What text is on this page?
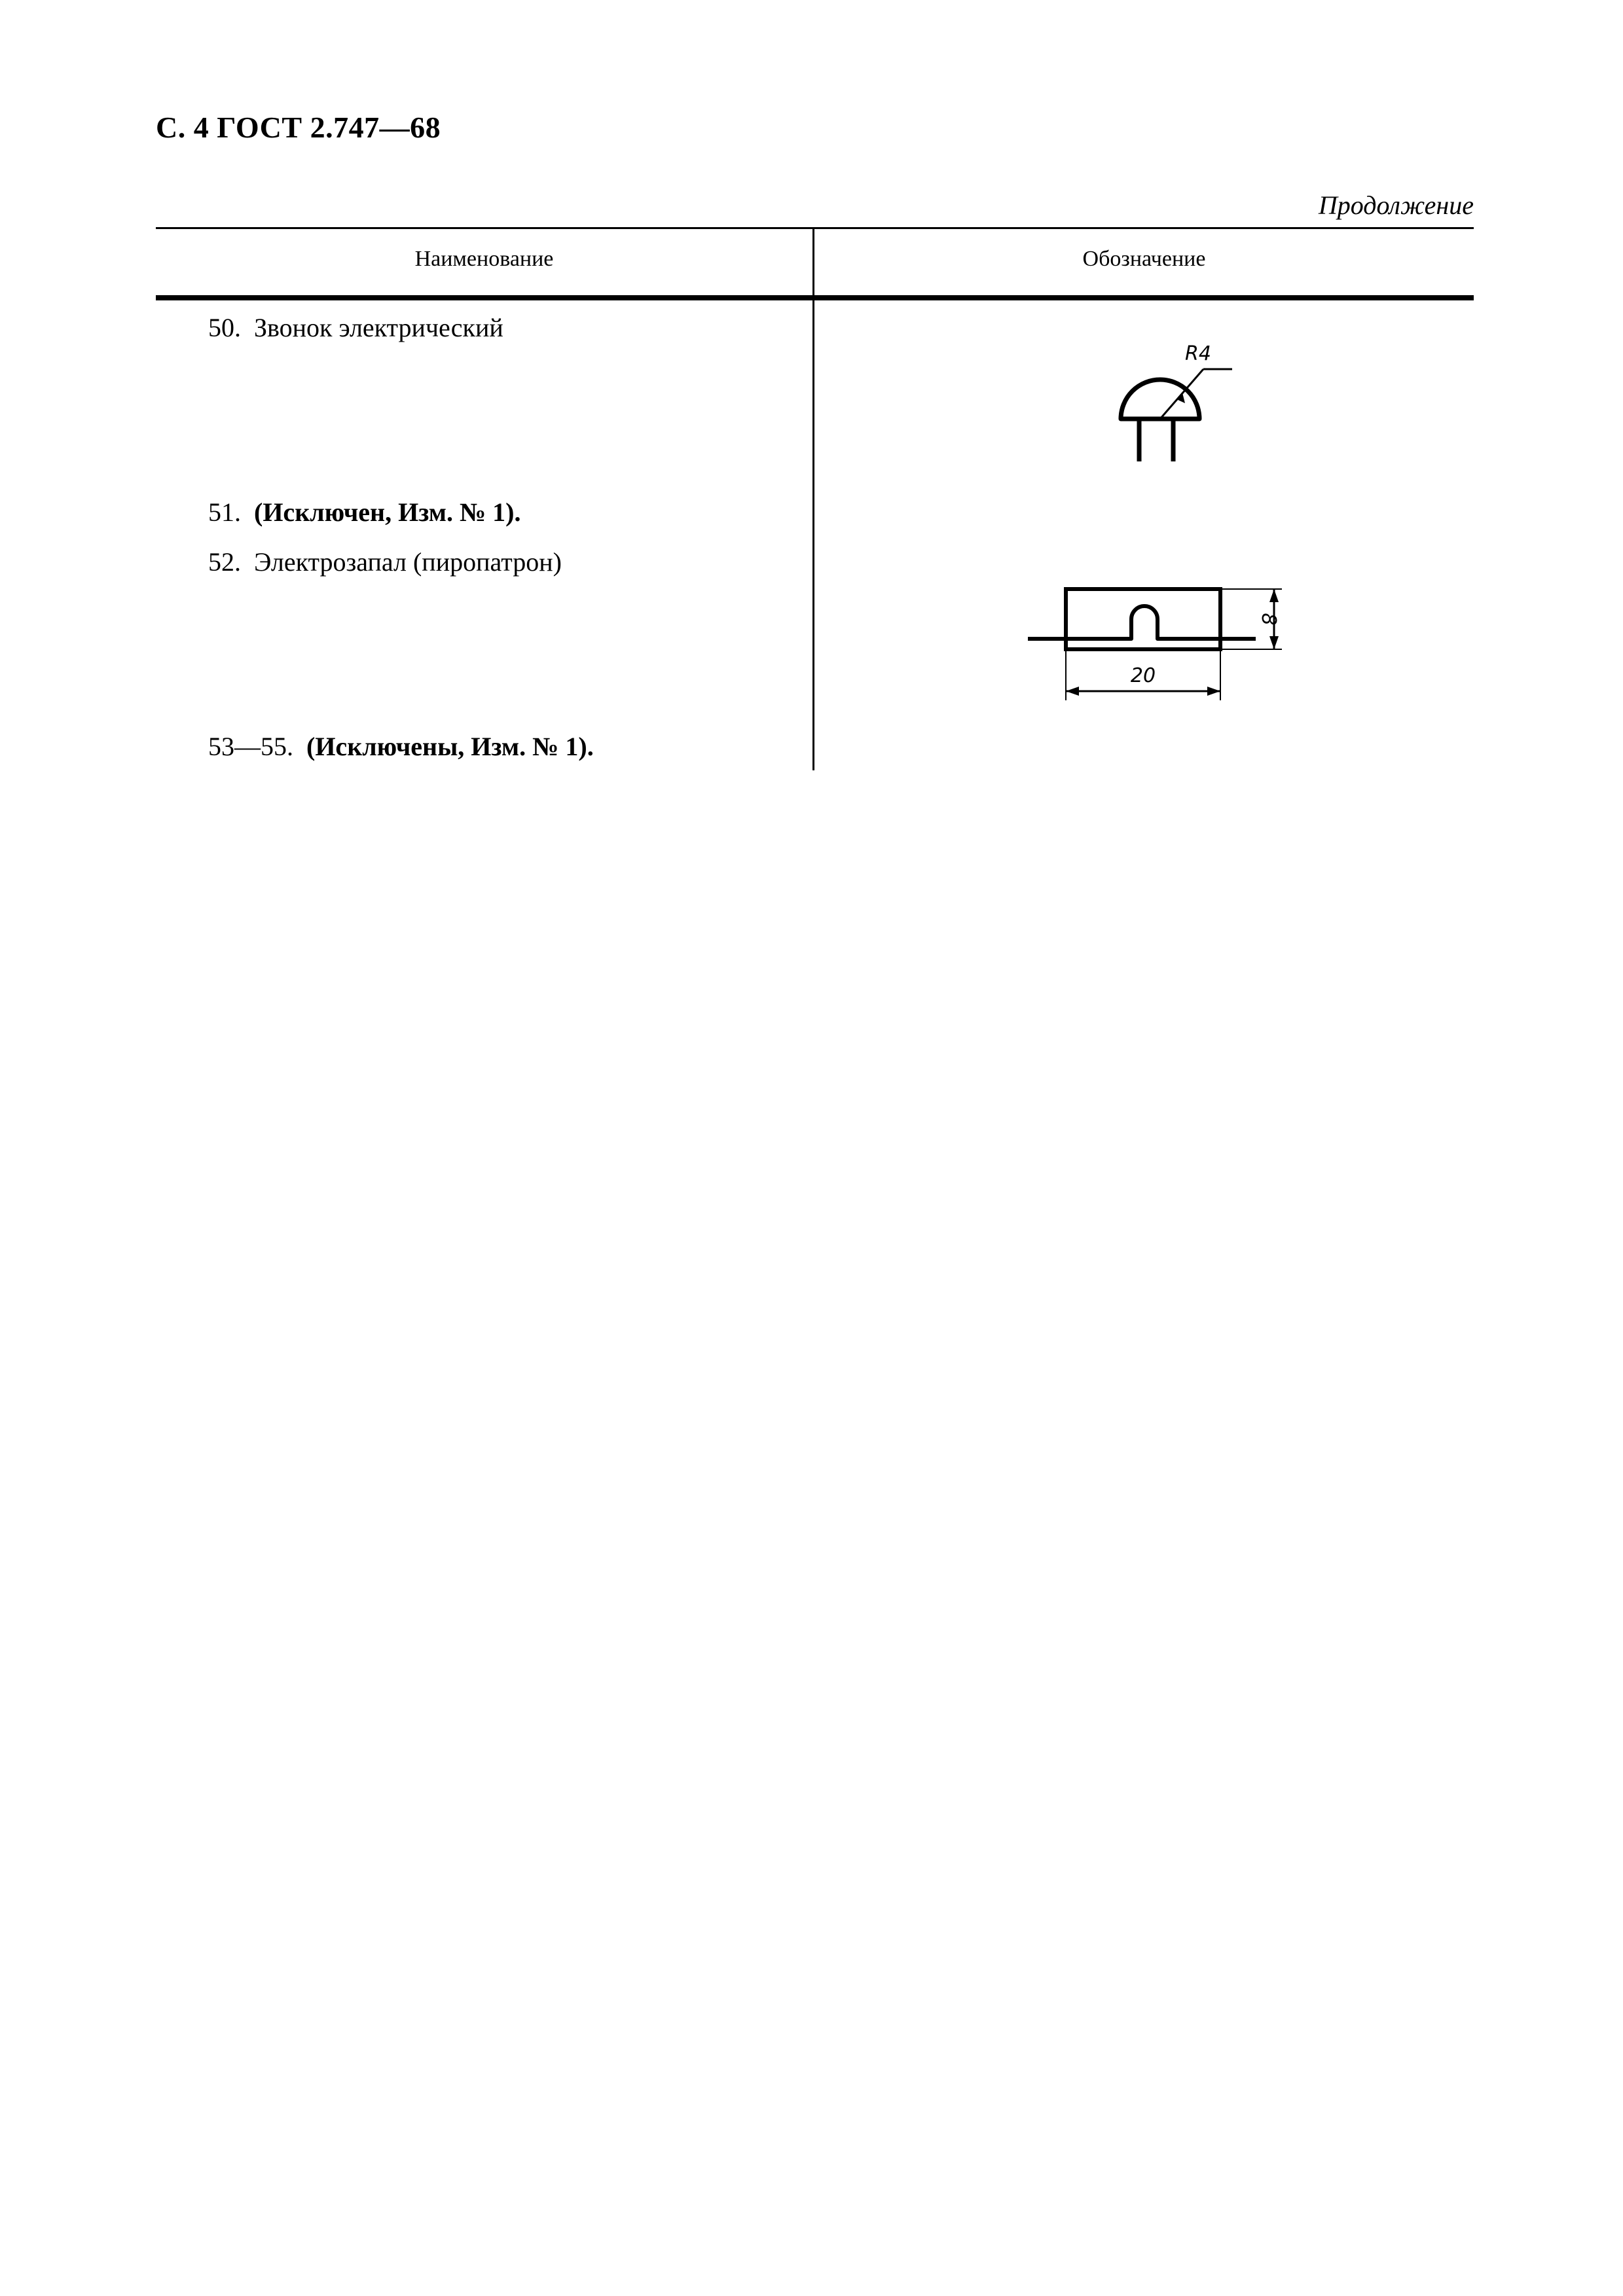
С. 4 ГОСТ 2.747—68
Продолжение
Наименование	Обозначение
50. Звонок электрический
51. (Исключен, Изм. № 1).
52. Электрозапал (пиропатрон)
53—55. (Исключены, Изм. № 1).
R4
8
20
